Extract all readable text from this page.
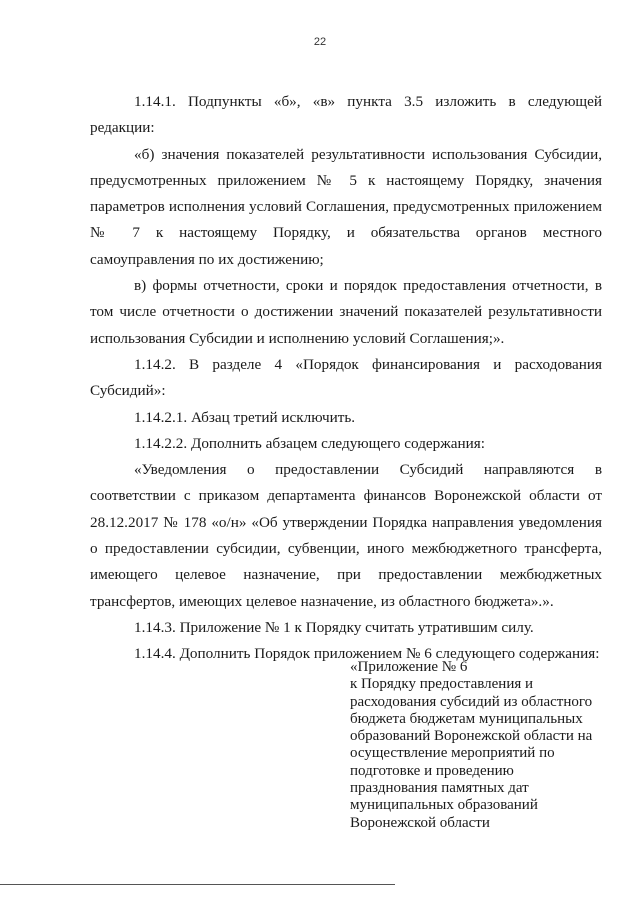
22

1.14.1. Подпункты «б», «в» пункта 3.5 изложить в следующей редакции:

«б) значения показателей результативности использования Субсидии, предусмотренных приложением № 5 к настоящему Порядку, значения параметров исполнения условий Соглашения, предусмотренных приложением № 7 к настоящему Порядку, и обязательства органов местного самоуправления по их достижению;

в) формы отчетности, сроки и порядок предоставления отчетности, в том числе отчетности о достижении значений показателей результативности использования Субсидии и исполнению условий Соглашения;».

1.14.2. В разделе 4 «Порядок финансирования и расходования Субсидий»:

1.14.2.1. Абзац третий исключить.

1.14.2.2. Дополнить абзацем следующего содержания:

«Уведомления о предоставлении Субсидий направляются в соответствии с приказом департамента финансов Воронежской области от 28.12.2017 № 178 «о/н» «Об утверждении Порядка направления уведомления о предоставлении субсидии, субвенции, иного межбюджетного трансферта, имеющего целевое назначение, при предоставлении межбюджетных трансфертов, имеющих целевое назначение, из областного бюджета».».

1.14.3. Приложение № 1 к Порядку считать утратившим силу.

1.14.4. Дополнить Порядок приложением № 6 следующего содержания:

«Приложение № 6
к Порядку предоставления и
расходования субсидий из областного
бюджета бюджетам муниципальных
образований Воронежской области на
осуществление мероприятий по
подготовке и проведению
празднования памятных дат
муниципальных образований
Воронежской области
